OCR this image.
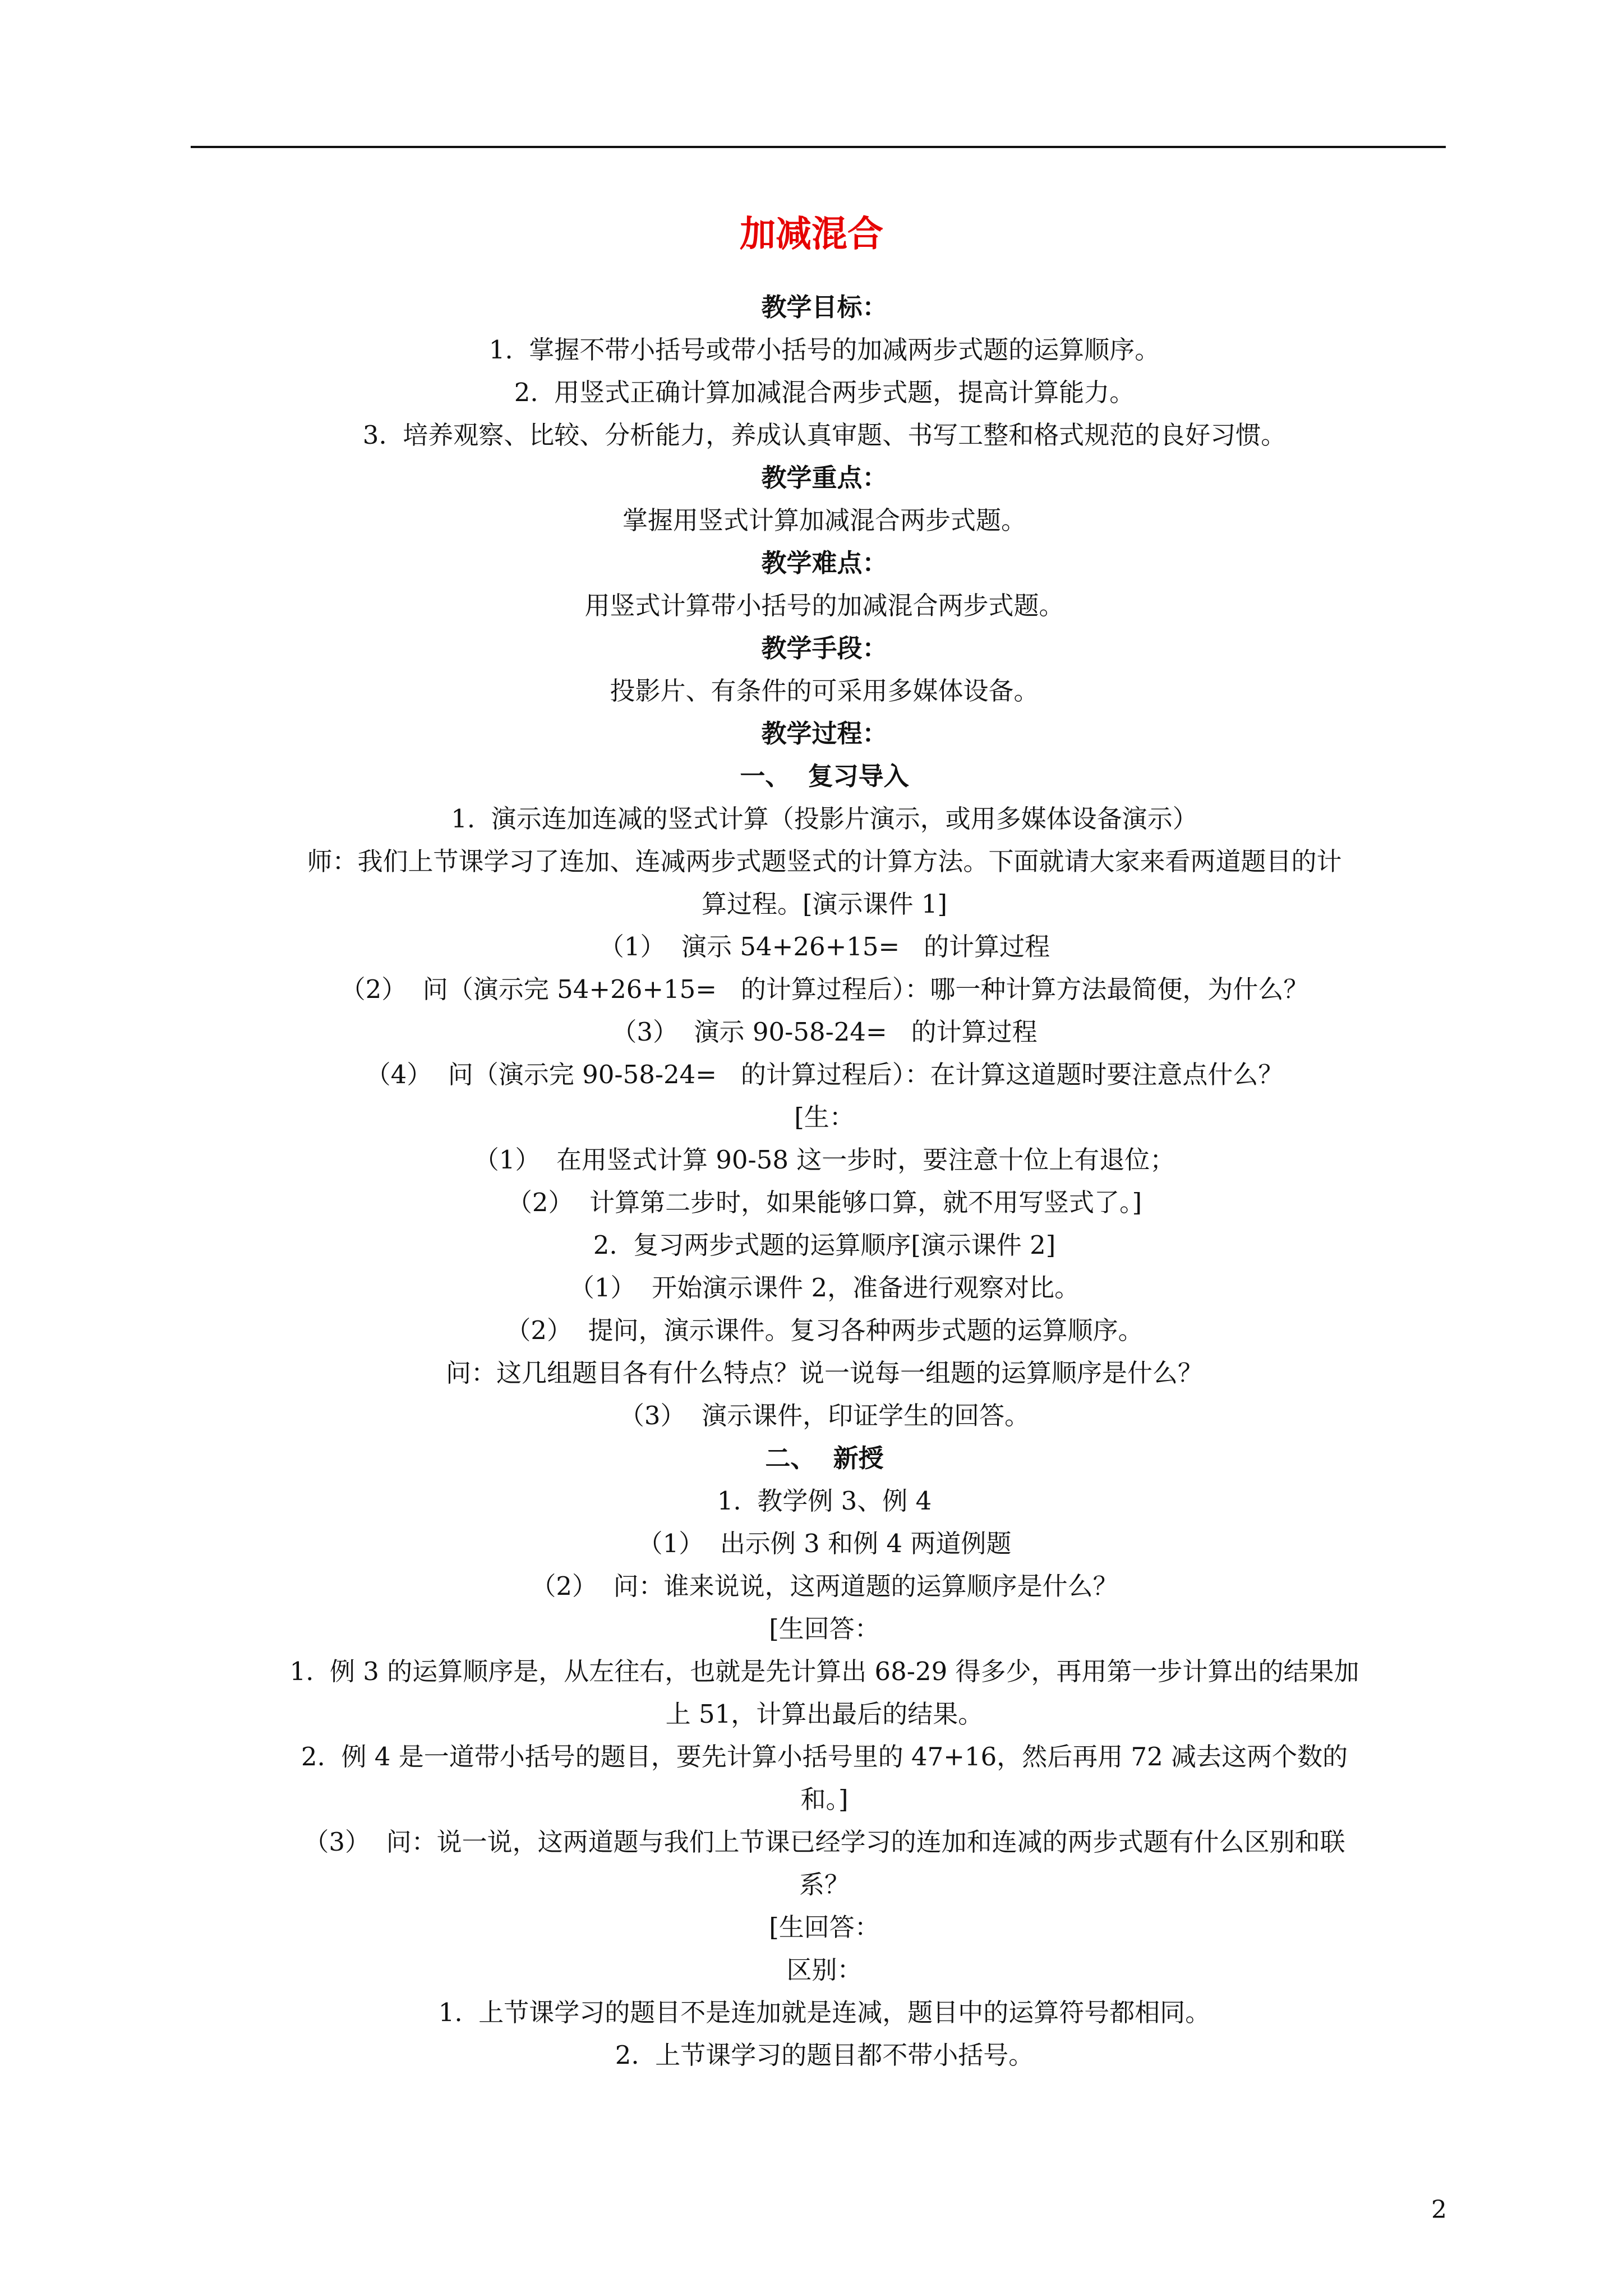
加减混合
教学目标：
1.  掌握不带小括号或带小括号的加减两步式题的运算顺序。
2.  用竖式正确计算加减混合两步式题，提高计算能力。
3.  培养观察、比较、分析能力，养成认真审题、书写工整和格式规范的良好习惯。
教学重点：
掌握用竖式计算加减混合两步式题。
教学难点：
用竖式计算带小括号的加减混合两步式题。
教学手段：
投影片、有条件的可采用多媒体设备。
教学过程：
一、  复习导入
1.  演示连加连减的竖式计算（投影片演示，或用多媒体设备演示）
师：我们上节课学习了连加、连减两步式题竖式的计算方法。下面就请大家来看两道题目的计
算过程。[演示课件 1]
（1）  演示 54+26+15=   的计算过程
（2）  问（演示完 54+26+15=   的计算过程后）：哪一种计算方法最简便，为什么？
（3）  演示 90-58-24=   的计算过程
（4）  问（演示完 90-58-24=   的计算过程后）：在计算这道题时要注意点什么？
[生：
（1）  在用竖式计算 90-58 这一步时，要注意十位上有退位；
（2）  计算第二步时，如果能够口算，就不用写竖式了。]
2.  复习两步式题的运算顺序[演示课件 2]
（1）  开始演示课件 2，准备进行观察对比。
（2）  提问，演示课件。复习各种两步式题的运算顺序。
问：这几组题目各有什么特点？说一说每一组题的运算顺序是什么？
（3）  演示课件，印证学生的回答。
二、  新授
1.  教学例 3、例 4
（1）  出示例 3 和例 4 两道例题
（2）  问：谁来说说，这两道题的运算顺序是什么？
[生回答：
1.  例 3 的运算顺序是，从左往右，也就是先计算出 68-29 得多少，再用第一步计算出的结果加
上 51，计算出最后的结果。
2.  例 4 是一道带小括号的题目，要先计算小括号里的 47+16，然后再用 72 减去这两个数的
和。]
（3）  问：说一说，这两道题与我们上节课已经学习的连加和连减的两步式题有什么区别和联
系？
[生回答：
区别：
1.  上节课学习的题目不是连加就是连减，题目中的运算符号都相同。
2.  上节课学习的题目都不带小括号。
2
